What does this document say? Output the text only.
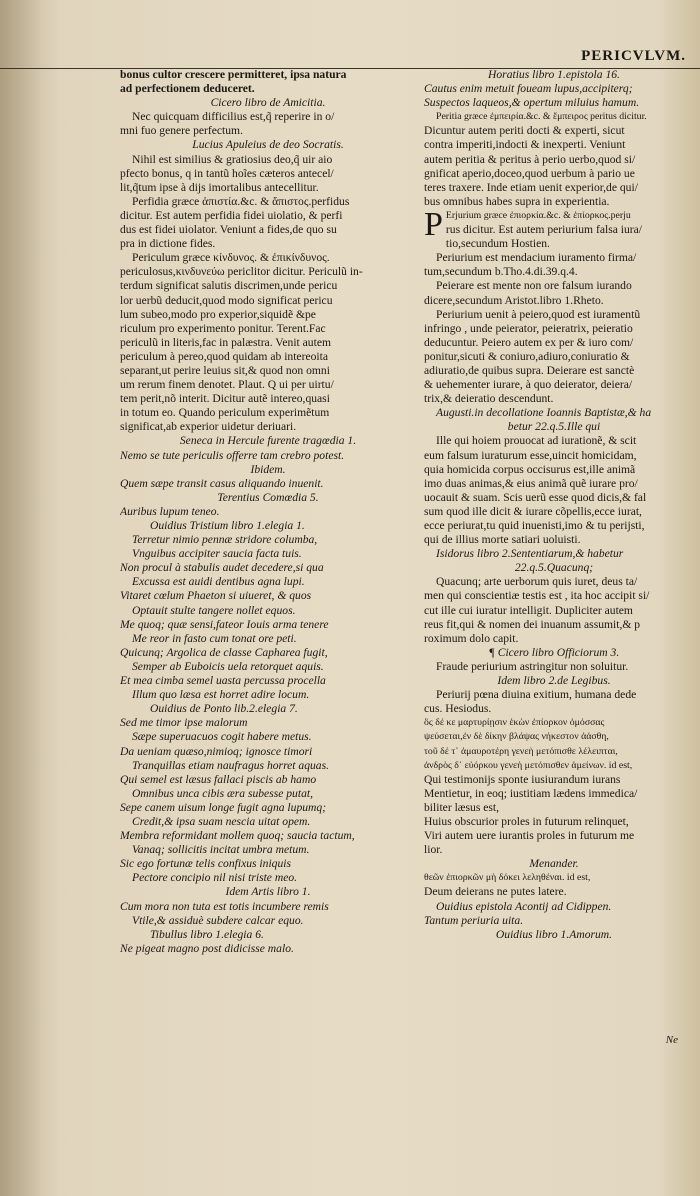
PERICVLVM.
bonus cultor crescere permitteret, ipsa natura
ad perfectionem deduceret.
Cicero libro de Amicitia.
Nec quicquam difficilius est,q̃ reperire in o/
mni fuo genere perfectum.
Lucius Apuleius de deo Socratis.
Nihil est similius & gratiosius deo,q̃ uir aio
pfecto bonus, q in tantũ hoĩes cæteros antecel/
lit,q̃tum ipse à dijs imortalibus antecellitur.
Perfidia græce ἀπιστία.&c. & ἄπιστος.perfidus
dicitur. Est autem perfidia fidei uiolatio, & perfi
dus est fidei uiolator. Veniunt a fides,de quo su
pra in dictione fides.
Periculum græce κίνδυνος. & ἐπικίνδυνος.
periculosus,κινδυνεύω periclitor dicitur. Periculũ in-
terdum significat salutis discrimen,unde pericu
lor uerbũ deducit,quod modo significat pericu
lum subeo,modo pro experior,siquidẽ &pe
riculum pro experimento ponitur. Terent.Fac
periculũ in literis,fac in palæstra. Venit autem
periculum à pereo,quod quidam ab intereoita
separant,ut perire leuius sit,& quod non omni
um rerum finem denotet. Plaut. Q ui per uirtu/
tem perit,nõ interit. Dicitur autẽ intereo,quasi
in totum eo. Quando periculum experimẽtum
significat,ab experior uidetur deriuari.
Seneca in Hercule furente tragœdia 1.
Nemo se tute periculis offerre tam crebro potest.
Ibidem.
Quem sæpe transit casus aliquando inuenit.
Terentius Comœdia 5.
Auribus lupum teneo.
Ouidius Tristium libro 1.elegia 1.
Terretur nimio pennæ stridore columba,
Vnguibus accipiter saucia facta tuis.
Non procul à stabulis audet decedere,si qua
Excussa est auidi dentibus agna lupi.
Vitaret cœlum Phaeton si uiueret, & quos
Optauit stulte tangere nollet equos.
Me quoq; quæ sensi,fateor Iouis arma tenere
Me reor in fasto cum tonat ore peti.
Quicunq; Argolica de classe Capharea fugit,
Semper ab Euboicis uela retorquet aquis.
Et mea cimba semel uasta percussa procella
Illum quo læsa est horret adire locum.
Ouidius de Ponto lib.2.elegia 7.
Sed me timor ipse malorum
Sæpe superuacuos cogit habere metus.
Da ueniam quæso,nimioq; ignosce timori
Tranquillas etiam naufragus horret aquas.
Qui semel est læsus fallaci piscis ab hamo
Omnibus unca cibis æra subesse putat,
Sepe canem uisum longe fugit agna lupumq;
Credit,& ipsa suam nescia uitat opem.
Membra reformidant mollem quoq; saucia tactum,
Vanaq; sollicitis incitat umbra metum.
Sic ego fortunæ telis confixus iniquis
Pectore concipio nil nisi triste meo.
Idem Artis libro 1.
Cum mora non tuta est totis incumbere remis
Vtile,& assiduè subdere calcar equo.
Tibullus libro 1.elegia 6.
Ne pigeat magno post didicisse malo.
Horatius libro 1.epistola 16.
Cautus enim metuit foueam lupus,accipiterq;
Suspectos laqueos,& opertum miluius hamum.
Peritia græce ἐμπειρία.&c. & ἔμπειρος peritus dicitur.
Dicuntur autem periti docti & experti, sicut
contra imperiti,indocti & inexperti. Veniunt
autem peritia & peritus à perio uerbo,quod si/
gnificat aperio,doceo,quod uerbum à pario ue
teres traxere. Inde etiam uenit experior,de qui/
bus omnibus habes supra in experientia.
P Erjurium græce ἐπιορκία.&c. & ἐπίορκος.perju
rus dicitur. Est autem periurium falsa iura/
tio,secundum Hostien.
Periurium est mendacium iuramento firma/
tum,secundum b.Tho.4.di.39.q.4.
Peierare est mente non ore falsum iurando
dicere,secundum Aristot.libro 1.Rheto.
Periurium uenit à peiero,quod est iuramentũ
infringo , unde peierator, peieratrix, peieratio
deducuntur. Peiero autem ex per & iuro com/
ponitur,sicuti & coniuro,adiuro,coniuratio &
adiuratio,de quibus supra. Deierare est sanctè
& uehementer iurare, à quo deierator, deiera/
trix,& deieratio descendunt.
Augusti.in decollatione Ioannis Baptistæ,& ha
betur 22.q.5.Ille qui
Ille qui hoiem prouocat ad iurationẽ, & scit
eum falsum iuraturum esse,uincit homicidam,
quia homicida corpus occisurus est,ille animã
imo duas animas,& eius animã quẽ iurare pro/
uocauit & suam. Scis uerũ esse quod dicis,& fal
sum quod ille dicit & iurare cõpellis,ecce iurat,
ecce periurat,tu quid inuenisti,imo & tu perijsti,
qui de illius morte satiari uoluisti.
Isidorus libro 2.Sententiarum,& habetur
22.q.5.Quacunq;
Quacunq; arte uerborum quis iuret, deus ta/
men qui conscientiæ testis est , ita hoc accipit si/
cut ille cui iuratur intelligit. Dupliciter autem
reus fit,qui & nomen dei inuanum assumit,& p
roximum dolo capit.
¶ Cicero libro Officiorum 3.
Fraude periurium astringitur non soluitur.
Idem libro 2.de Legibus.
Periurij pœna diuina exitium, humana dede
cus. Hesiodus.
ὃς δέ κε μαρτυρίῃσιν ἑκὼν ἐπίορκον ὀμόσσας
ψεύσεται,ἐν δὲ δίκην βλάψας νήκεστον ἀάσθη,
τοῦ δέ τ᾽ ἀμαυροτέρη γενεὴ μετόπισθε λέλειπται,
ἀνδρὸς δ᾽ εὐόρκου γενεὴ μετόπισθεν ἀμείνων. id est,
Qui testimonijs sponte iusiurandum iurans
Mentietur, in eoq; iustitiam lædens immedica/
biliter læsus est,
Huius obscurior proles in futurum relinquet,
Viri autem uere iurantis proles in futurum me
lior.
Menander.
θεῶν ἐπιορκῶν μὴ δόκει λεληθέναι. id est,
Deum deierans ne putes latere.
Ouidius epistola Acontij ad Cidippen.
Tantum periuria uita.
Ouidius libro 1.Amorum.
Ne
